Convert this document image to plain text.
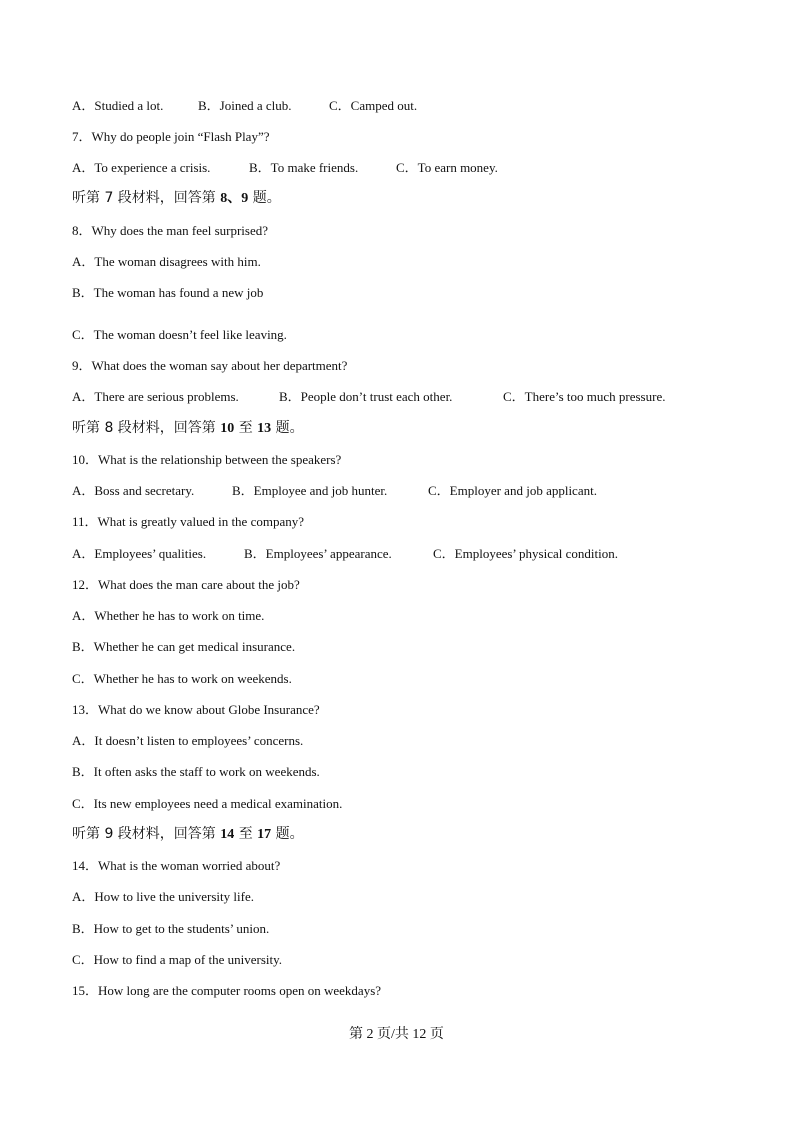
A．Studied a lot.	B．Joined a club.	C．Camped out.
7．Why do people join “Flash Play”?
A．To experience a crisis.	B．To make friends.	C．To earn money.
听第 7 段材料，回答第 8、9 题。
8．Why does the man feel surprised?
A．The woman disagrees with him.
B．The woman has found a new job
C．The woman doesn’t feel like leaving.
9．What does the woman say about her department?
A．There are serious problems.	B．People don’t trust each other.	C．There’s too much pressure.
听第 8 段材料，回答第 10 至 13 题。
10．What is the relationship between the speakers?
A．Boss and secretary.	B．Employee and job hunter.	C．Employer and job applicant.
11．What is greatly valued in the company?
A．Employees’ qualities.	B．Employees’ appearance.	C．Employees’ physical condition.
12．What does the man care about the job?
A．Whether he has to work on time.
B．Whether he can get medical insurance.
C．Whether he has to work on weekends.
13．What do we know about Globe Insurance?
A．It doesn’t listen to employees’ concerns.
B．It often asks the staff to work on weekends.
C．Its new employees need a medical examination.
听第 9 段材料，回答第 14 至 17 题。
14．What is the woman worried about?
A．How to live the university life.
B．How to get to the students’ union.
C．How to find a map of the university.
15．How long are the computer rooms open on weekdays?
第 2 页/共 12 页
